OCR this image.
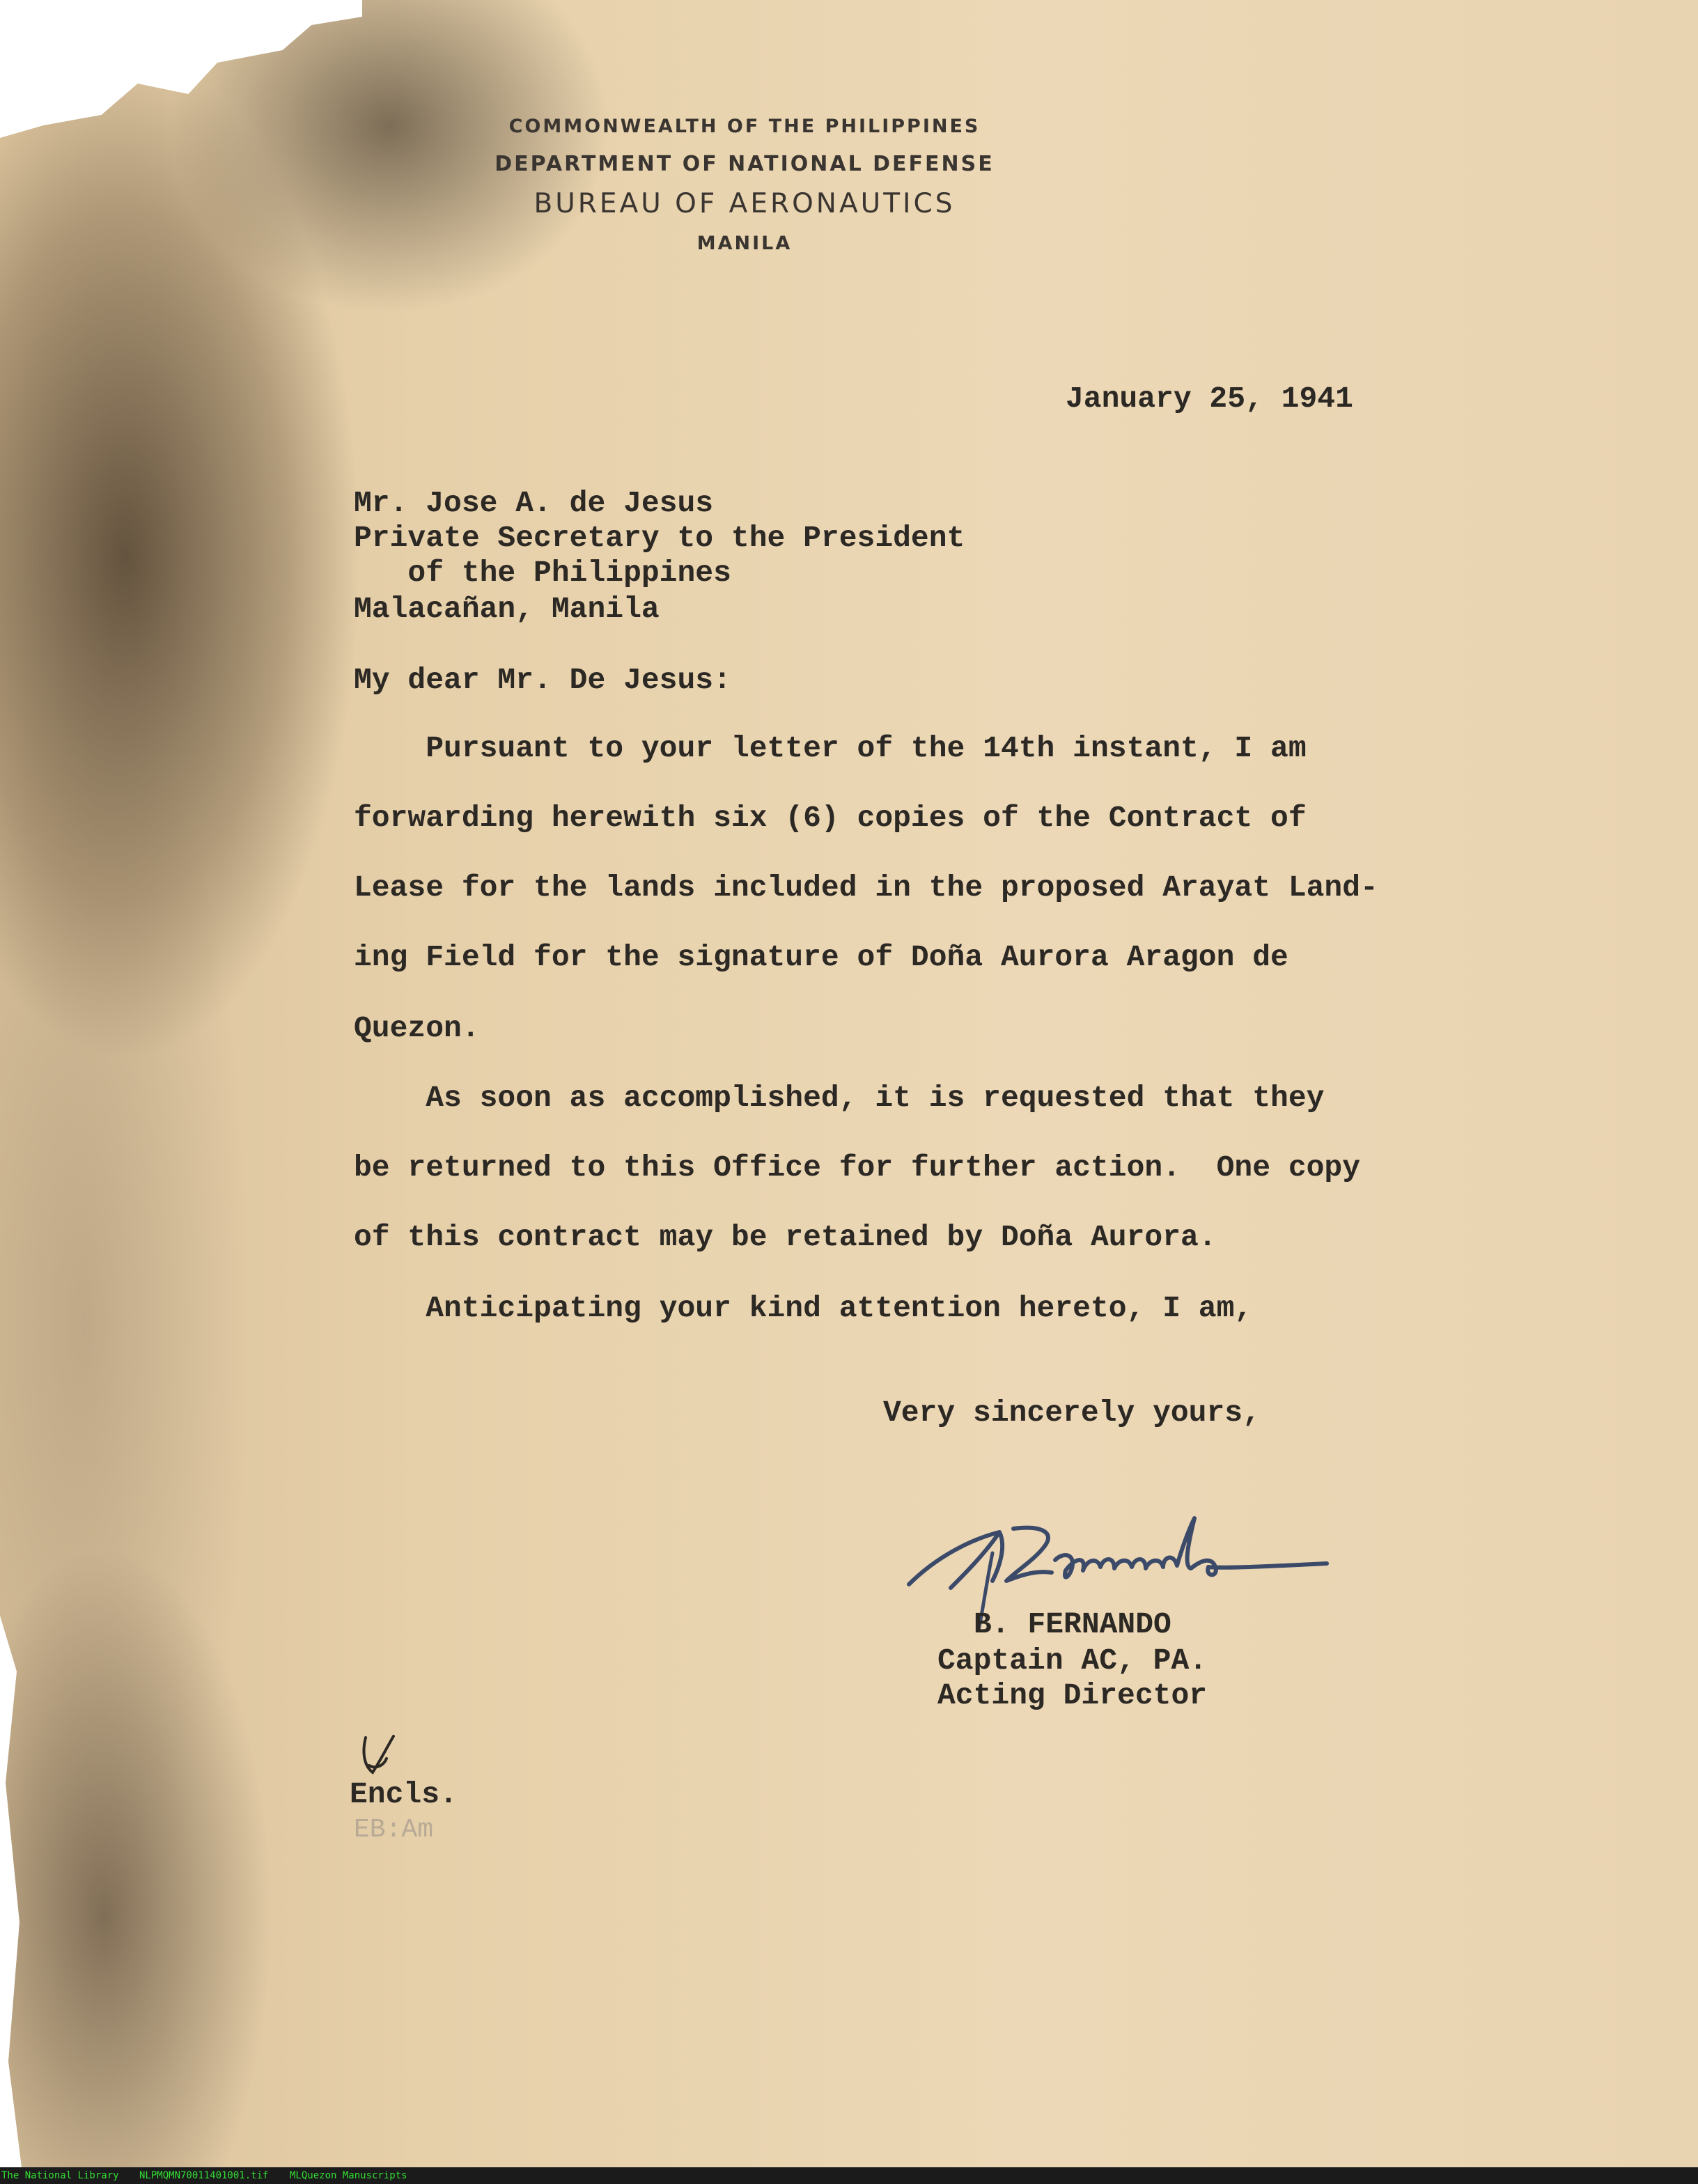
COMMONWEALTH OF THE PHILIPPINES
DEPARTMENT OF NATIONAL DEFENSE
BUREAU OF AERONAUTICS
MANILA
January 25, 1941
Mr. Jose A. de Jesus
Private Secretary to the President
of the Philippines
Malacañan, Manila
My dear Mr. De Jesus:
Pursuant to your letter of the 14th instant, I am
forwarding herewith six (6) copies of the Contract of
Lease for the lands included in the proposed Arayat Land-
ing Field for the signature of Doña Aurora Aragon de
Quezon.
As soon as accomplished, it is requested that they
be returned to this Office for further action.  One copy
of this contract may be retained by Doña Aurora.
Anticipating your kind attention hereto, I am,
Very sincerely yours,
B. FERNANDO
Captain AC, PA.
Acting Director
Encls.
EB:Am
The National Library NLPMQMN70011401001.tif MLQuezon Manuscripts
